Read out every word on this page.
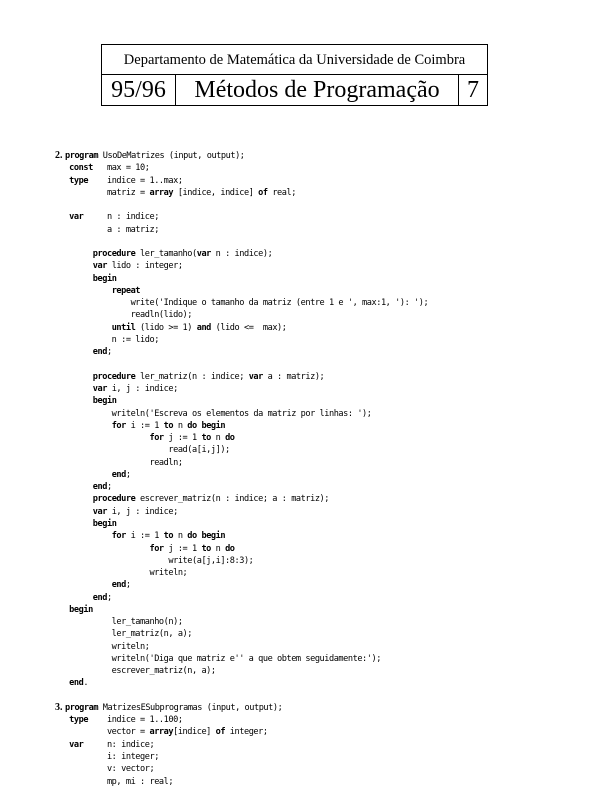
Departamento de Matemática da Universidade de Coimbra
95/96	Métodos de Programação	7
2. program UsoDeMatrizes (input, output);
const   max = 10;
type    indice = 1..max;
matriz = array [indice, indice] of real;

var     n : indice;
a : matriz;

procedure ler_tamanho(var n : indice);
var lido : integer;
begin
repeat
write('Indique o tamanho da matriz (entre 1 e ', max:1, '): ');
readln(lido);
until (lido >= 1) and (lido <=  max);
n := lido;
end;

procedure ler_matriz(n : indice; var a : matriz);
var i, j : indice;
begin
writeln('Escreva os elementos da matriz por linhas: ');
for i := 1 to n do begin
for j := 1 to n do
read(a[i,j]);
readln;
end;
end;
procedure escrever_matriz(n : indice; a : matriz);
var i, j : indice;
begin
for i := 1 to n do begin
for j := 1 to n do
write(a[j,i]:8:3);
writeln;
end;
end;
begin
ler_tamanho(n);
ler_matriz(n, a);
writeln;
writeln('Diga que matriz e'' a que obtem seguidamente:');
escrever_matriz(n, a);
end.
3. program MatrizesESubprogramas (input, output);
type    indice = 1..100;
vector = array[indice] of integer;
var     n: indice;
i: integer;
v: vector;
mp, mi : real;
